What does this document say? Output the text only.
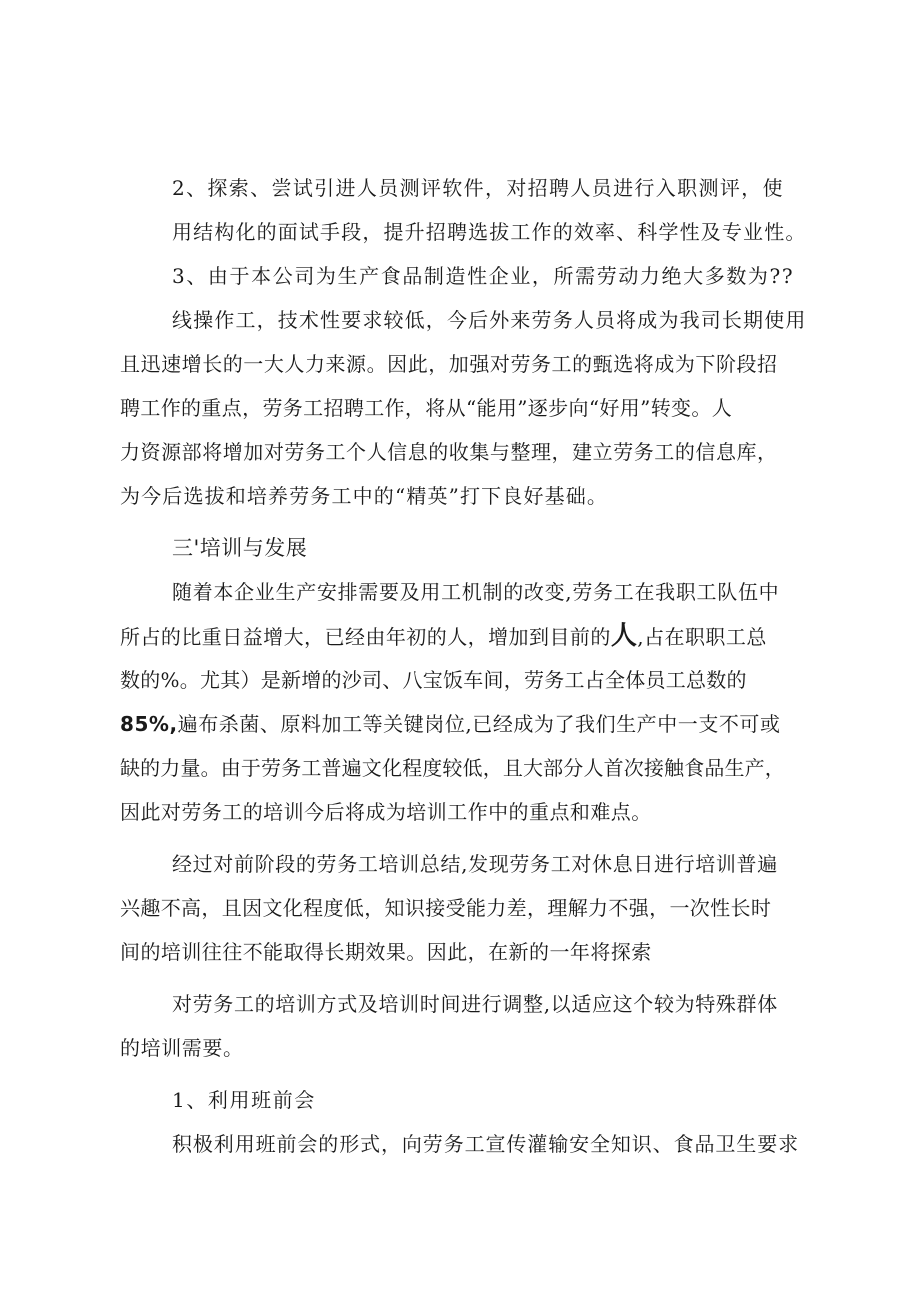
2、探索、尝试引进人员测评软件，对招聘人员进行入职测评，使
用结构化的面试手段，提升招聘选拔工作的效率、科学性及专业性。
3、由于本公司为生产食品制造性企业，所需劳动力绝大多数为??
线操作工，技术性要求较低，今后外来劳务人员将成为我司长期使用
且迅速增长的一大人力来源。因此，加强对劳务工的甄选将成为下阶段招
聘工作的重点，劳务工招聘工作，将从“能用”逐步向“好用”转变。人
力资源部将增加对劳务工个人信息的收集与整理，建立劳务工的信息库，
为今后选拔和培养劳务工中的“精英”打下良好基础。
三'培训与发展
随着本企业生产安排需要及用工机制的改变,劳务工在我职工队伍中
所占的比重日益增大，已经由年初的人，增加到目前的人,占在职职工总
数的%。尤其）是新增的沙司、八宝饭车间，劳务工占全体员工总数的
85%,遍布杀菌、原料加工等关键岗位,已经成为了我们生产中一支不可或
缺的力量。由于劳务工普遍文化程度较低，且大部分人首次接触食品生产，
因此对劳务工的培训今后将成为培训工作中的重点和难点。
经过对前阶段的劳务工培训总结,发现劳务工对休息日进行培训普遍
兴趣不高，且因文化程度低，知识接受能力差，理解力不强，一次性长时
间的培训往往不能取得长期效果。因此，在新的一年将探索
对劳务工的培训方式及培训时间进行调整,以适应这个较为特殊群体
的培训需要。
1、利用班前会
积极利用班前会的形式，向劳务工宣传灌输安全知识、食品卫生要求
